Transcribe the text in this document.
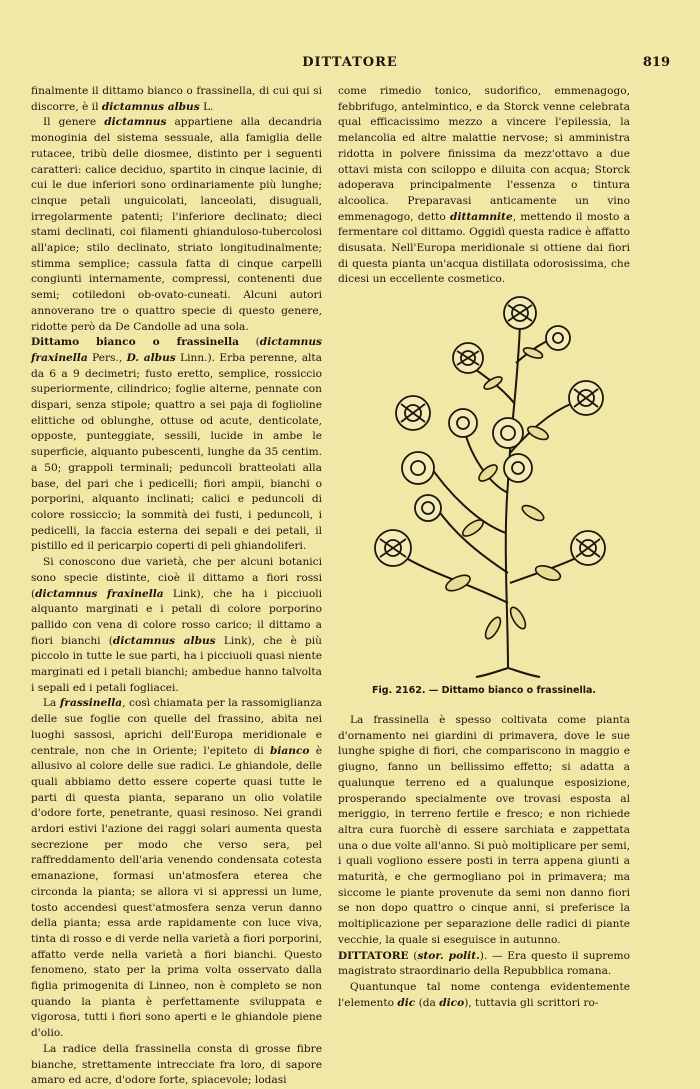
DITTATORE	819

finalmente il dittamo bianco o frassinella, di cui qui si discorre, è il dictamnus albus L.

Il genere dictamnus appartiene alla decandria monoginia del sistema sessuale, alla famiglia delle rutacee, tribù delle diosmee, distinto per i seguenti caratteri: calice deciduo, spartito in cinque lacinie, di cui le due inferiori sono ordinariamente più lunghe; cinque petali unguicolati, lanceolati, disuguali, irregolarmente patenti; l'inferiore declinato; dieci stami declinati, coi filamenti ghianduloso-tubercolosi all'apice; stilo declinato, striato longitudinalmente; stimma semplice; cassula fatta di cinque carpelli congiunti internamente, compressi, contenenti due semi; cotiledoni ob-ovato-cuneati. Alcuni autori annoverano tre o quattro specie di questo genere, ridotte però da De Candolle ad una sola.

Dittamo bianco o frassinella (dictamnus fraxinella Pers., D. albus Linn.). Erba perenne, alta da 6 a 9 decimetri; fusto eretto, semplice, rossiccio superiormente, cilindrico; foglie alterne, pennate con dispari, senza stipole; quattro a sei paja di foglioline elittiche od oblunghe, ottuse od acute, denticolate, opposte, punteggiate, sessili, lucide in ambe le superficie, alquanto pubescenti, lunghe da 35 centim. a 50; grappoli terminali; peduncoli bratteolati alla base, del pari che i pedicelli; fiori ampii, bianchi o porporini, alquanto inclinati; calici e peduncoli di colore rossiccio; la sommità dei fusti, i peduncoli, i pedicelli, la faccia esterna dei sepali e dei petali, il pistillo ed il pericarpio coperti di peli ghiandoliferi.

Si conoscono due varietà, che per alcuni botanici sono specie distinte, cioè il dittamo a fiori rossi (dictamnus fraxinella Link), che ha i picciuoli alquanto marginati e i petali di colore porporino pallido con vena di colore rosso carico; il dittamo a fiori bianchi (dictamnus albus Link), che è più piccolo in tutte le sue parti, ha i picciuoli quasi niente marginati ed i petali bianchi; ambedue hanno talvolta i sepali ed i petali fogliacei.

La frassinella, così chiamata per la rassomiglianza delle sue foglie con quelle del frassino, abita nei luoghi sassosi, aprichi dell'Europa meridionale e centrale, non che in Oriente; l'epiteto di bianco è allusivo al colore delle sue radici. Le ghiandole, delle quali abbiamo detto essere coperte quasi tutte le parti di questa pianta, separano un olio volatile d'odore forte, penetrante, quasi resinoso. Nei grandi ardori estivi l'azione dei raggi solari aumenta questa secrezione per modo che verso sera, pel raffreddamento dell'aria venendo condensata cotesta emanazione, formasi un'atmosfera eterea che circonda la pianta; se allora vi si appressi un lume, tosto accendesi quest'atmosfera senza verun danno della pianta; essa arde rapidamente con luce viva, tinta di rosso e di verde nella varietà a fiori porporini, affatto verde nella varietà a fiori bianchi. Questo fenomeno, stato per la prima volta osservato dalla figlia primogenita di Linneo, non è completo se non quando la pianta è perfettamente sviluppata e vigorosa, tutti i fiori sono aperti e le ghiandole piene d'olio.

La radice della frassinella consta di grosse fibre bianche, strettamente intrecciate fra loro, di sapore amaro ed acre, d'odore forte, spiacevole; lodasi

come rimedio tonico, sudorifico, emmenagogo, febbrifugo, antelmintico, e da Storck venne celebrata qual efficacissimo mezzo a vincere l'epilessia, la melancolia ed altre malattie nervose; si amministra ridotta in polvere finissima da mezz'ottavo a due ottavi mista con sciloppo e diluita con acqua; Storck adoperava principalmente l'essenza o tintura alcoolica. Preparavasi anticamente un vino emmenagogo, detto dittamnite, mettendo il mosto a fermentare col dittamo. Oggidì questa radice è affatto disusata. Nell'Europa meridionale si ottiene dai fiori di questa pianta un'acqua distillata odorosissima, che dicesi un eccellente cosmetico.

Fig. 2162. — Dittamo bianco o frassinella.

La frassinella è spesso coltivata come pianta d'ornamento nei giardini di primavera, dove le sue lunghe spighe di fiori, che compariscono in maggio e giugno, fanno un bellissimo effetto; si adatta a qualunque terreno ed a qualunque esposizione, prosperando specialmente ove trovasi esposta al meriggio, in terreno fertile e fresco; e non richiede altra cura fuorchè di essere sarchiata e zappettata una o due volte all'anno. Si può moltiplicare per semi, i quali vogliono essere posti in terra appena giunti a maturità, e che germogliano poi in primavera; ma siccome le piante provenute da semi non danno fiori se non dopo quattro o cinque anni, si preferisce la moltiplicazione per separazione delle radici di piante vecchie, la quale si eseguisce in autunno.

DITTATORE (stor. polit.). — Era questo il supremo magistrato straordinario della Repubblica romana.

Quantunque tal nome contenga evidentemente l'elemento dic (da dico), tuttavia gli scrittori ro-
